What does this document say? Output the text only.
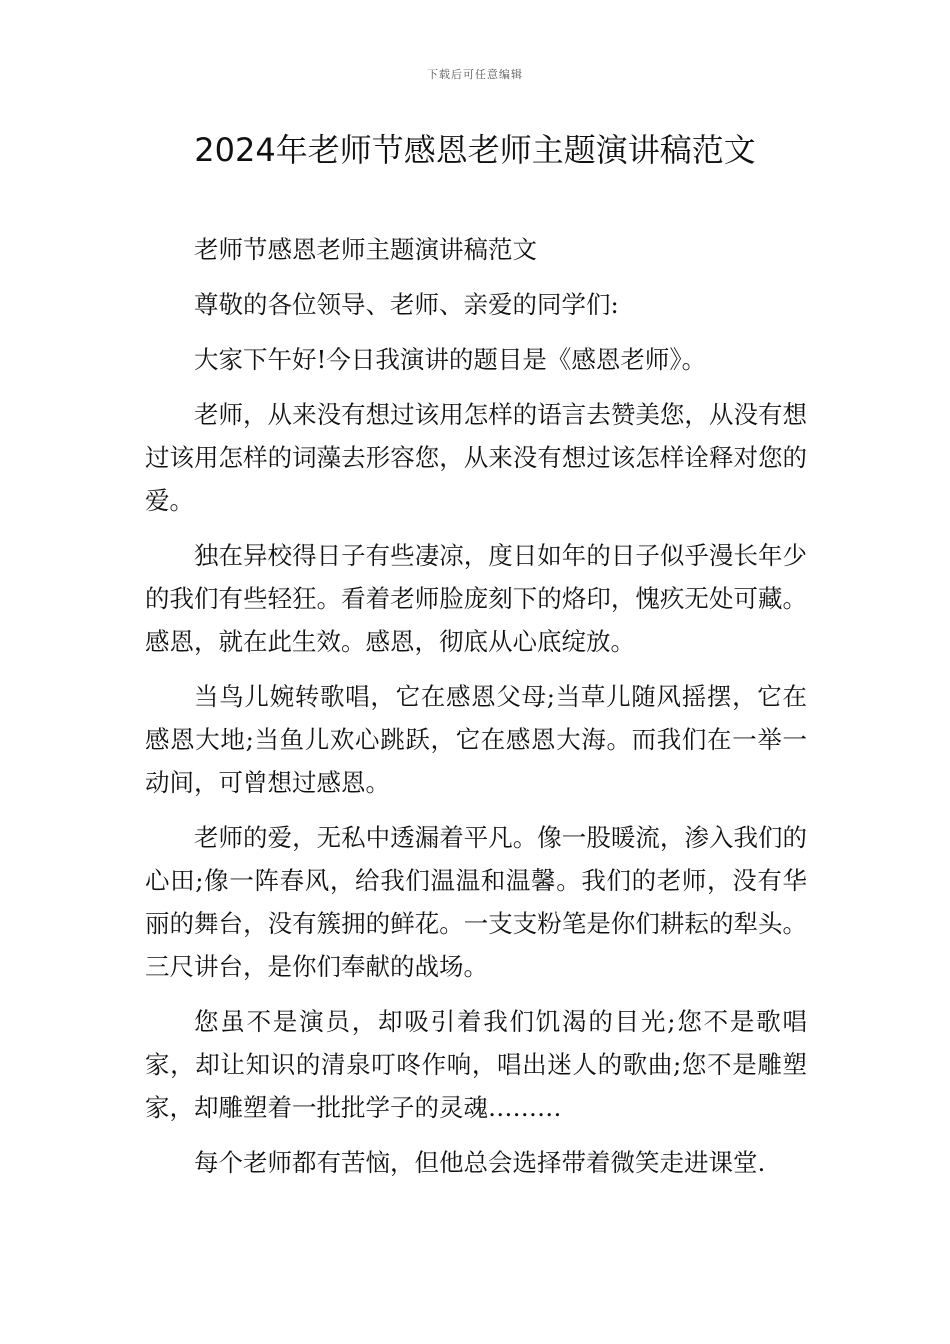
下载后可任意编辑
2024年老师节感恩老师主题演讲稿范文

老师节感恩老师主题演讲稿范文

尊敬的各位领导、老师、亲爱的同学们:

大家下午好!今日我演讲的题目是《感恩老师》。

老师，从来没有想过该用怎样的语言去赞美您，从没有想过该用怎样的词藻去形容您，从来没有想过该怎样诠释对您的爱。

独在异校得日子有些凄凉，度日如年的日子似乎漫长年少的我们有些轻狂。看着老师脸庞刻下的烙印，愧疚无处可藏。感恩，就在此生效。感恩，彻底从心底绽放。

当鸟儿婉转歌唱，它在感恩父母;当草儿随风摇摆，它在感恩大地;当鱼儿欢心跳跃，它在感恩大海。而我们在一举一动间，可曾想过感恩。

老师的爱，无私中透漏着平凡。像一股暖流，渗入我们的心田;像一阵春风，给我们温温和温馨。我们的老师，没有华丽的舞台，没有簇拥的鲜花。一支支粉笔是你们耕耘的犁头。三尺讲台，是你们奉献的战场。

您虽不是演员，却吸引着我们饥渴的目光;您不是歌唱家，却让知识的清泉叮咚作响，唱出迷人的歌曲;您不是雕塑家，却雕塑着一批批学子的灵魂………

每个老师都有苦恼，但他总会选择带着微笑走进课堂.
